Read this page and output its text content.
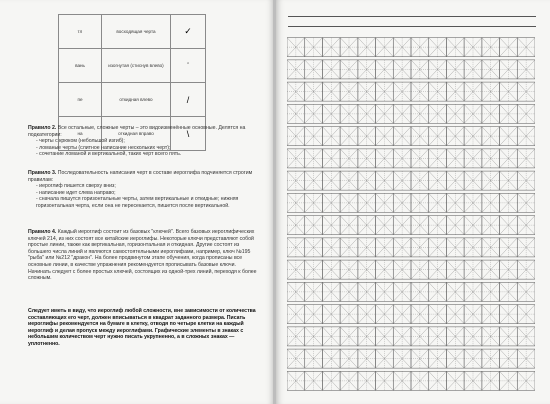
тл	восходящая черта	✓
вань	изогнутая (стиснув влево)	ʾ
пе	откидная влево	/
на	откидная вправо	\

Правило 2. Все остальные, сложные черты – это видоизменённые основные. Делятся на подкатегории:

- черты с крюком (небольшой изгиб);

- ломаные черты (слитное написание нескольких черт);

- сочетание ломаной и вертикальной, таких черт всего пять.

Правило 3. Последовательность написания черт в составе иероглифа подчиняется строгим правилам:

- иероглиф пишется сверху вниз;

- написание идет слева направо;

- сначала пишутся горизонтальные черты, затем вертикальные и откидные; нижняя горизонтальная черта, если она не пересекается, пишется после вертикальной.

Правило 4. Каждый иероглиф состоит из базовых "ключей". Всего базовых иероглифических ключей 214, из них состоят все китайские иероглифы. Некоторые ключи представляют собой простые линии, также как вертикальная, горизонтальная и откидная. Другие состоят из большего числа линий и являются самостоятельными иероглифами, например, ключ №195 "рыба" или №212 "дракон". На более продвинутом этапе обучения, когда прописаны все основные линии, в качестве упражнения рекомендуется прописывать базовые ключи. Начинать следует с более простых ключей, состоящих из одной-трех линий, переходя к более сложным.

Следует иметь в виду, что иероглиф любой сложности, вне зависимости от количества составляющих его черт, должен вписываться в квадрат заданного размера. Писать иероглифы рекомендуется на бумаге в клетку, отводя по четыре клетки на каждый иероглиф и делая пропуск между иероглифами. Графические элементы в знаках с небольшим количеством черт нужно писать укрупненно, а в сложных знаках — уплотненно.
